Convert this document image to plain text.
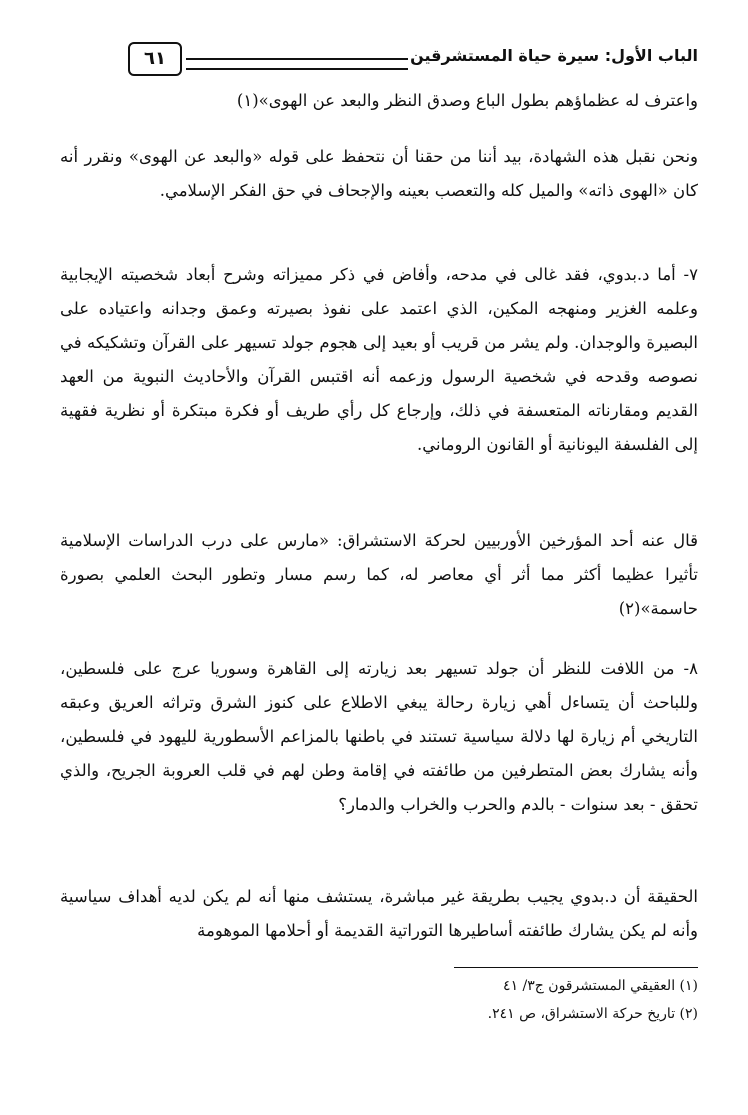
٦١	الباب الأول: سيرة حياة المستشرقين
واعترف له عظماؤهم بطول الباع وصدق النظر والبعد عن الهوى»(١)
ونحن نقبل هذه الشهادة، بيد أننا من حقنا أن نتحفظ على قوله «والبعد عن الهوى» ونقرر أنه كان «الهوى ذاته» والميل كله والتعصب بعينه والإجحاف في حق الفكر الإسلامي.
٧- أما د.بدوي، فقد غالى في مدحه، وأفاض في ذكر مميزاته وشرح أبعاد شخصيته الإيجابية وعلمه الغزير ومنهجه المكين، الذي اعتمد على نفوذ بصيرته وعمق وجدانه واعتياده على البصيرة والوجدان. ولم يشر من قريب أو بعيد إلى هجوم جولد تسيهر على القرآن وتشكيكه في نصوصه وقدحه في شخصية الرسول وزعمه أنه اقتبس القرآن والأحاديث النبوية من العهد القديم ومقارناته المتعسفة في ذلك، وإرجاع كل رأي طريف أو فكرة مبتكرة أو نظرية فقهية إلى الفلسفة اليونانية أو القانون الروماني.
قال عنه أحد المؤرخين الأوربيين لحركة الاستشراق: «مارس على درب الدراسات الإسلامية تأثيرا عظيما أكثر مما أثر أي معاصر له، كما رسم مسار وتطور البحث العلمي بصورة حاسمة»(٢)
٨- من اللافت للنظر أن جولد تسيهر بعد زيارته إلى القاهرة وسوريا عرج على فلسطين، وللباحث أن يتساءل أهي زيارة رحالة يبغي الاطلاع على كنوز الشرق وتراثه العريق وعبقه التاريخي أم زيارة لها دلالة سياسية تستند في باطنها بالمزاعم الأسطورية لليهود في فلسطين، وأنه يشارك بعض المتطرفين من طائفته في إقامة وطن لهم في قلب العروبة الجريح، والذي تحقق - بعد سنوات - بالدم والحرب والخراب والدمار؟
الحقيقة أن د.بدوي يجيب بطريقة غير مباشرة، يستشف منها أنه لم يكن لديه أهداف سياسية وأنه لم يكن يشارك طائفته أساطيرها التوراتية القديمة أو أحلامها الموهومة
(١) العقيقي المستشرقون ج٣/ ٤١
(٢) تاريخ حركة الاستشراق، ص ٢٤١.
